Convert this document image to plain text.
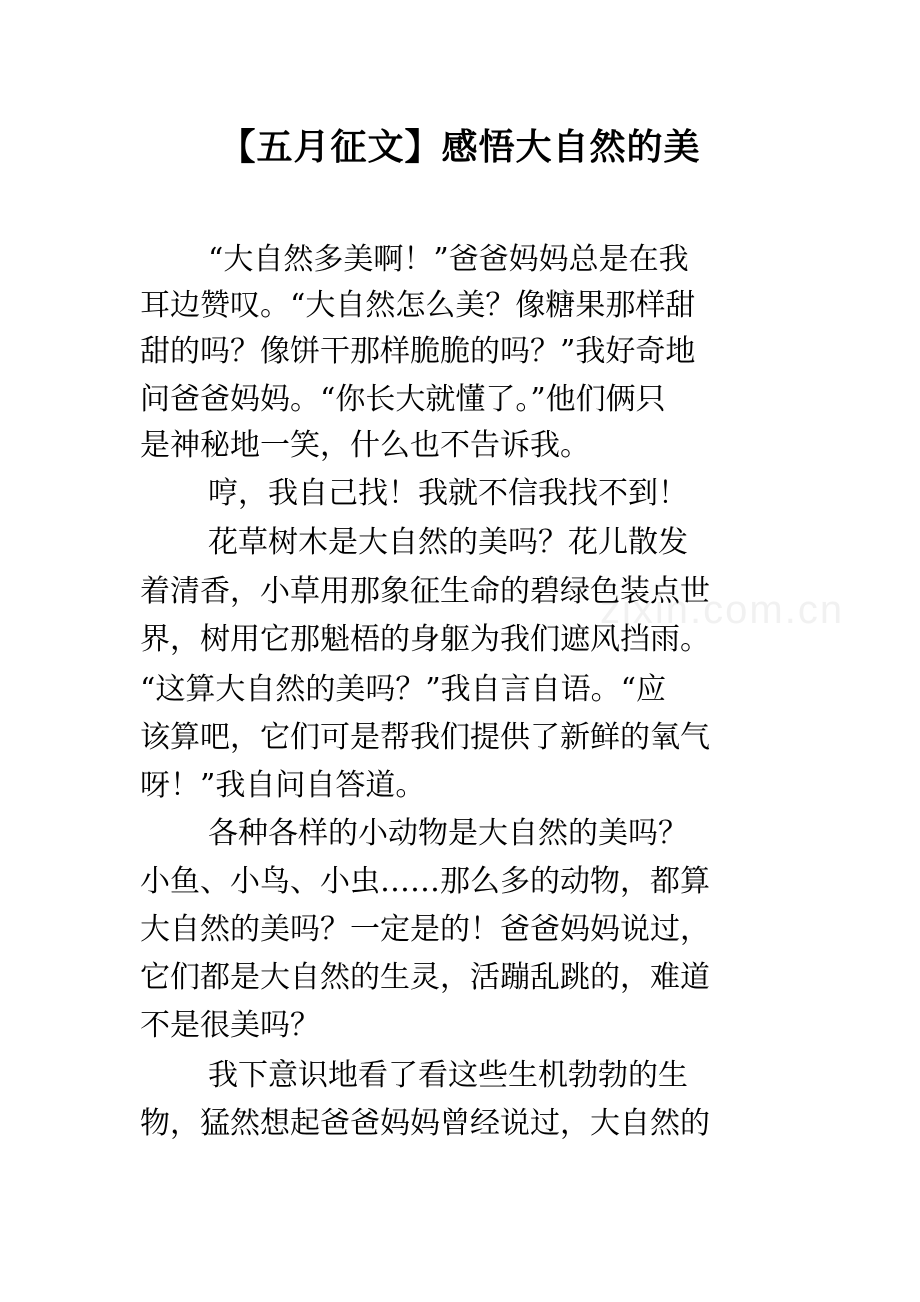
【五月征文】感悟大自然的美

“大自然多美啊！”爸爸妈妈总是在我

耳边赞叹。“大自然怎么美？像糖果那样甜

甜的吗？像饼干那样脆脆的吗？”我好奇地

问爸爸妈妈。“你长大就懂了。”他们俩只

是神秘地一笑，什么也不告诉我。

哼，我自己找！我就不信我找不到！

花草树木是大自然的美吗？花儿散发

着清香，小草用那象征生命的碧绿色装点世

界，树用它那魁梧的身躯为我们遮风挡雨。

“这算大自然的美吗？”我自言自语。“应

该算吧，它们可是帮我们提供了新鲜的氧气

呀！”我自问自答道。

各种各样的小动物是大自然的美吗？

小鱼、小鸟、小虫……那么多的动物，都算

大自然的美吗？一定是的！爸爸妈妈说过，

它们都是大自然的生灵，活蹦乱跳的，难道

不是很美吗？

我下意识地看了看这些生机勃勃的生

物，猛然想起爸爸妈妈曾经说过，大自然的

zixin.com.cn
